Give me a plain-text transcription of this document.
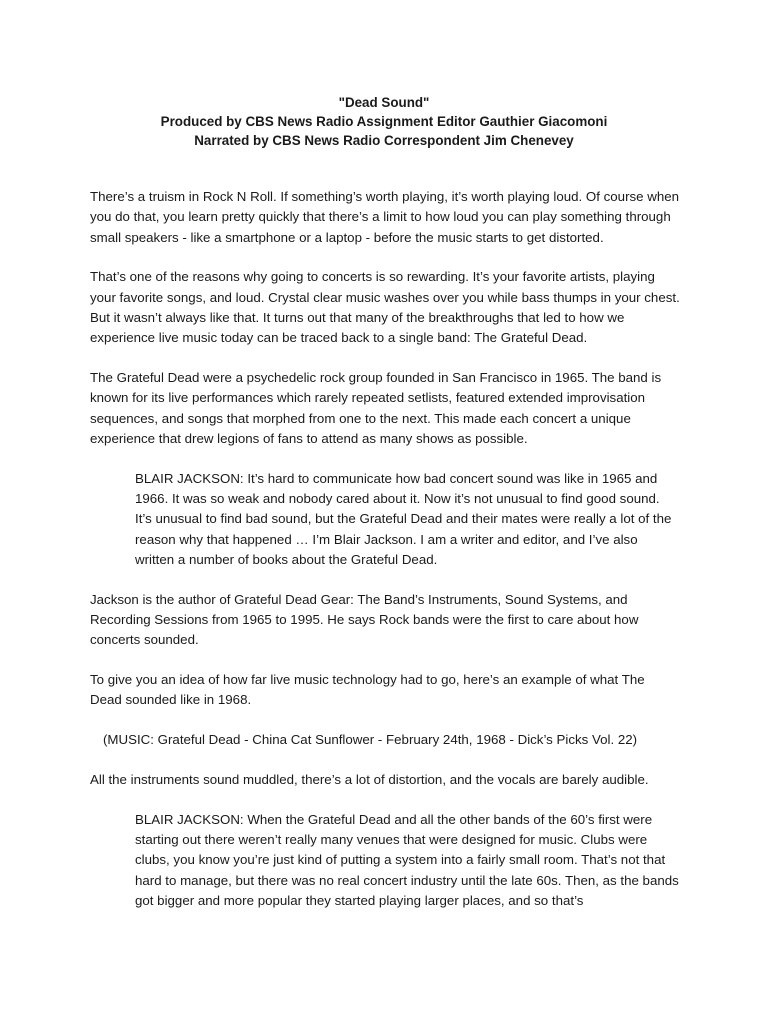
"Dead Sound"
Produced by CBS News Radio Assignment Editor Gauthier Giacomoni
Narrated by CBS News Radio Correspondent Jim Chenevey

There’s a truism in Rock N Roll. If something’s worth playing, it’s worth playing loud. Of course when you do that, you learn pretty quickly that there’s a limit to how loud you can play something through small speakers - like a smartphone or a laptop - before the music starts to get distorted.

That’s one of the reasons why going to concerts is so rewarding. It’s your favorite artists, playing your favorite songs, and loud. Crystal clear music washes over you while bass thumps in your chest. But it wasn’t always like that. It turns out that many of the breakthroughs that led to how we experience live music today can be traced back to a single band: The Grateful Dead.

The Grateful Dead were a psychedelic rock group founded in San Francisco in 1965. The band is known for its live performances which rarely repeated setlists, featured extended improvisation sequences, and songs that morphed from one to the next. This made each concert a unique experience that drew legions of fans to attend as many shows as possible.

BLAIR JACKSON: It’s hard to communicate how bad concert sound was like in 1965 and 1966. It was so weak and nobody cared about it. Now it’s not unusual to find good sound. It’s unusual to find bad sound, but the Grateful Dead and their mates were really a lot of the reason why that happened … I’m Blair Jackson. I am a writer and editor, and I’ve also written a number of books about the Grateful Dead.

Jackson is the author of Grateful Dead Gear: The Band’s Instruments, Sound Systems, and Recording Sessions from 1965 to 1995. He says Rock bands were the first to care about how concerts sounded.

To give you an idea of how far live music technology had to go, here’s an example of what The Dead sounded like in 1968.

(MUSIC: Grateful Dead - China Cat Sunflower - February 24th, 1968 - Dick’s Picks Vol. 22)

All the instruments sound muddled, there’s a lot of distortion, and the vocals are barely audible.

BLAIR JACKSON: When the Grateful Dead and all the other bands of the 60’s first were starting out there weren’t really many venues that were designed for music. Clubs were clubs, you know you’re just kind of putting a system into a fairly small room. That’s not that hard to manage, but there was no real concert industry until the late 60s. Then, as the bands got bigger and more popular they started playing larger places, and so that’s
